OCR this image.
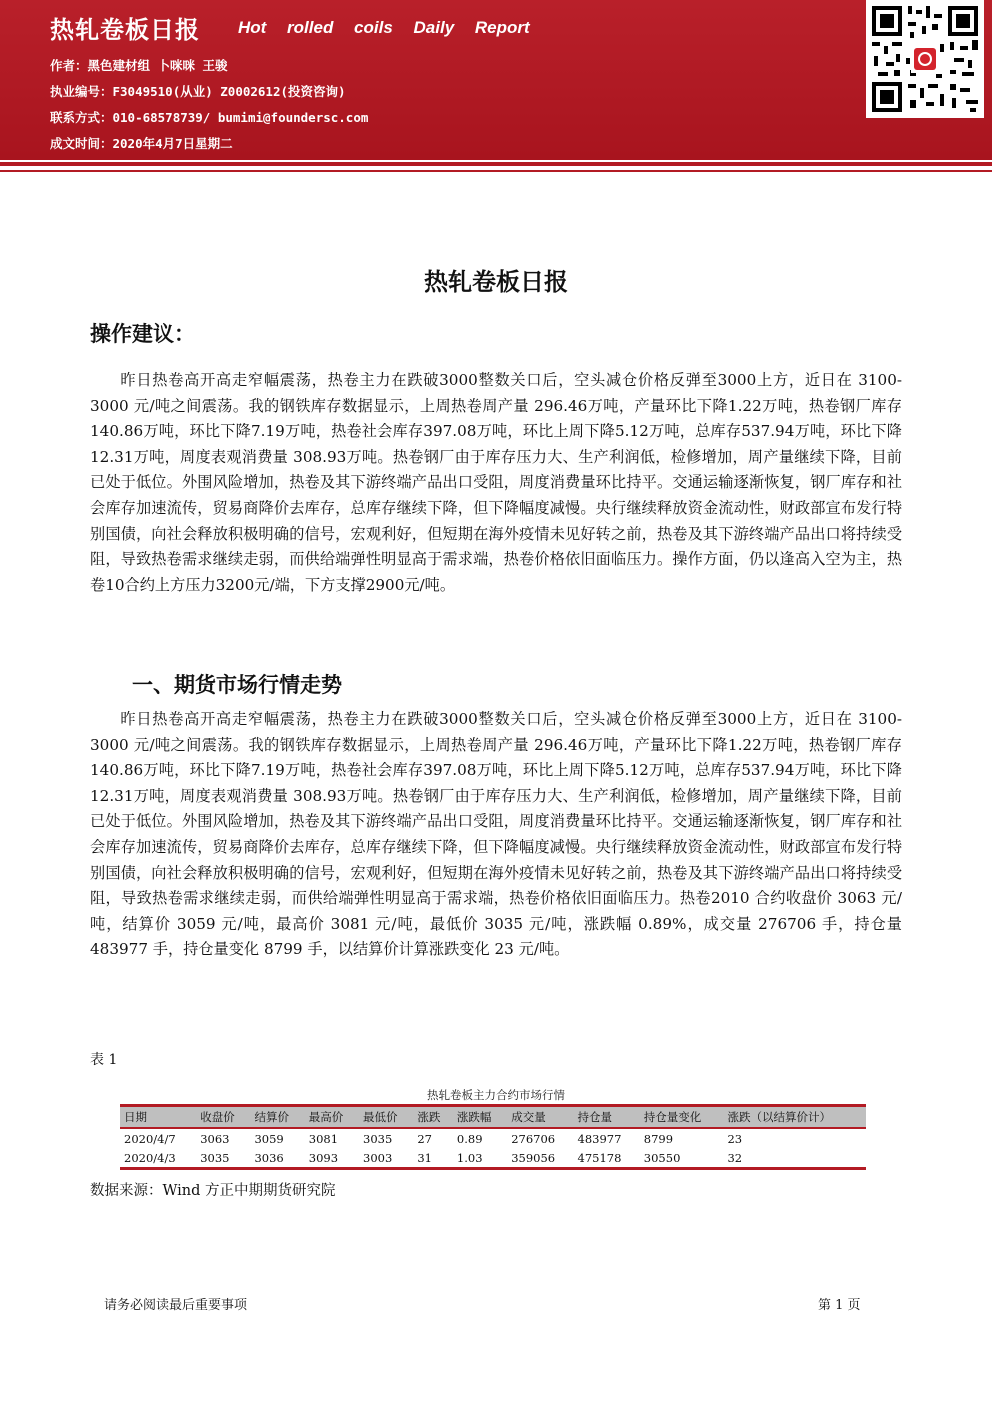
热轧卷板日报 Hot rolled coils Daily Report
作者：黑色建材组 卜咪咪 王骏
执业编号：F3049510(从业) Z0002612(投资咨询)
联系方式：010-68578739/ bumimi@foundersc.com
成文时间：2020年4月7日星期二
热轧卷板日报
操作建议：

昨日热卷高开高走窄幅震荡，热卷主力在跌破3000整数关口后，空头减仓价格反弹至3000上方，近日在 3100-3000 元/吨之间震荡。我的钢铁库存数据显示，上周热卷周产量 296.46万吨，产量环比下降1.22万吨，热卷钢厂库存140.86万吨，环比下降7.19万吨，热卷社会库存397.08万吨，环比上周下降5.12万吨，总库存537.94万吨，环比下降12.31万吨，周度表观消费量 308.93万吨。热卷钢厂由于库存压力大、生产利润低，检修增加，周产量继续下降，目前已处于低位。外围风险增加，热卷及其下游终端产品出口受阻，周度消费量环比持平。交通运输逐渐恢复，钢厂库存和社会库存加速流传，贸易商降价去库存，总库存继续下降，但下降幅度减慢。央行继续释放资金流动性，财政部宣布发行特别国债，向社会释放积极明确的信号，宏观利好，但短期在海外疫情未见好转之前，热卷及其下游终端产品出口将持续受阻，导致热卷需求继续走弱，而供给端弹性明显高于需求端，热卷价格依旧面临压力。操作方面，仍以逢高入空为主，热卷10合约上方压力3200元/端，下方支撑2900元/吨。

一、期货市场行情走势

昨日热卷高开高走窄幅震荡，热卷主力在跌破3000整数关口后，空头减仓价格反弹至3000上方，近日在 3100-3000 元/吨之间震荡。我的钢铁库存数据显示，上周热卷周产量 296.46万吨，产量环比下降1.22万吨，热卷钢厂库存140.86万吨，环比下降7.19万吨，热卷社会库存397.08万吨，环比上周下降5.12万吨，总库存537.94万吨，环比下降12.31万吨，周度表观消费量 308.93万吨。热卷钢厂由于库存压力大、生产利润低，检修增加，周产量继续下降，目前已处于低位。外围风险增加，热卷及其下游终端产品出口受阻，周度消费量环比持平。交通运输逐渐恢复，钢厂库存和社会库存加速流传，贸易商降价去库存，总库存继续下降，但下降幅度减慢。央行继续释放资金流动性，财政部宣布发行特别国债，向社会释放积极明确的信号，宏观利好，但短期在海外疫情未见好转之前，热卷及其下游终端产品出口将持续受阻，导致热卷需求继续走弱，而供给端弹性明显高于需求端，热卷价格依旧面临压力。热卷2010 合约收盘价 3063 元/吨，结算价 3059 元/吨，最高价 3081 元/吨，最低价 3035 元/吨，涨跌幅 0.89%，成交量 276706 手，持仓量 483977 手，持仓量变化 8799 手，以结算价计算涨跌变化 23 元/吨。

表 1
热轧卷板主力合约市场行情
日期	收盘价	结算价	最高价	最低价	涨跌	涨跌幅	成交量	持仓量	持仓量变化	涨跌（以结算价计）
2020/4/7	3063	3059	3081	3035	27	0.89	276706	483977	8799	23
2020/4/3	3035	3036	3093	3003	31	1.03	359056	475178	30550	32
数据来源：Wind 方正中期期货研究院
请务必阅读最后重要事项	第 1 页
